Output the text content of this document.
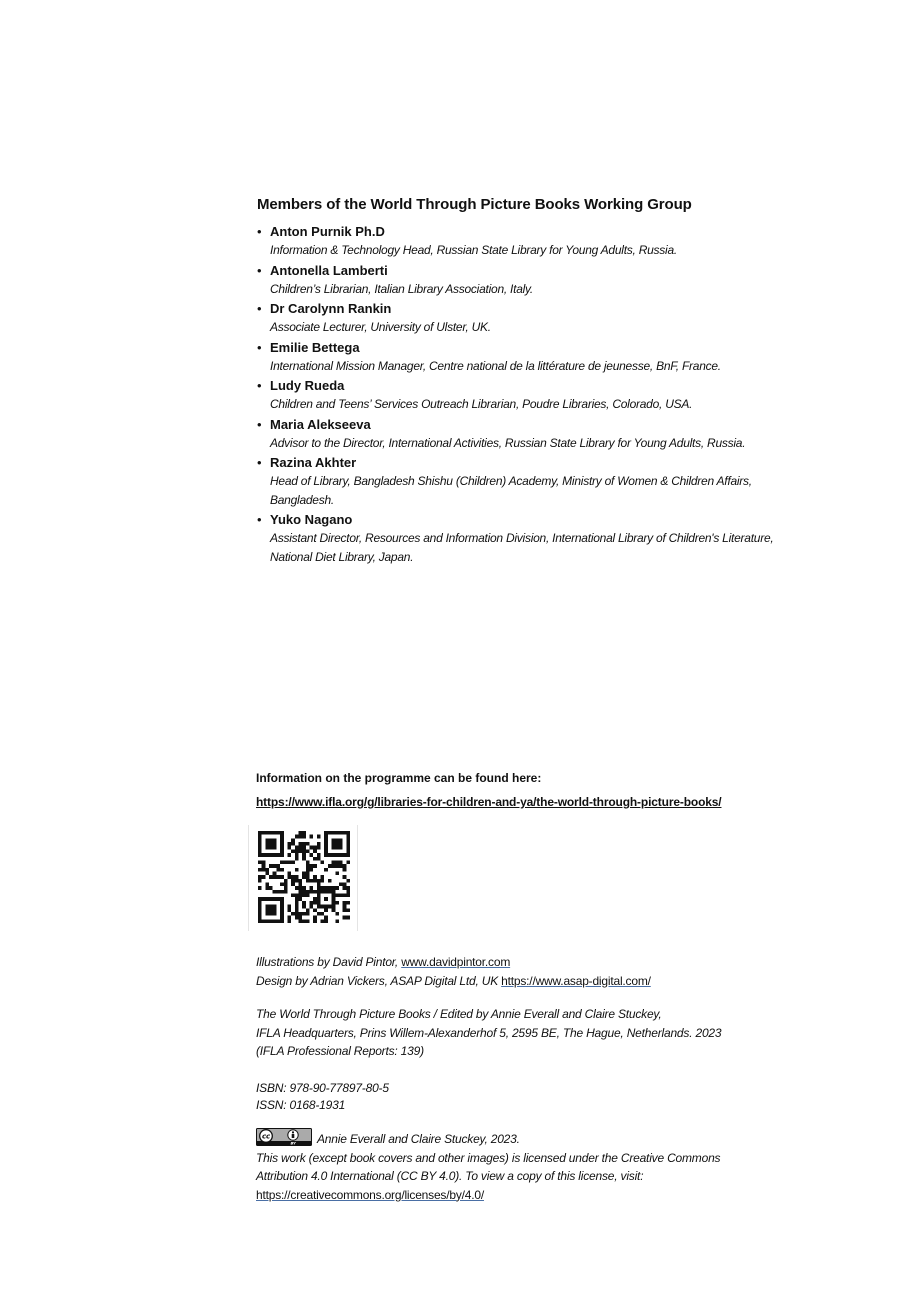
Members of the World Through Picture Books Working Group
• Anton Purnik Ph.D
Information & Technology Head, Russian State Library for Young Adults, Russia.
• Antonella Lamberti
Children’s Librarian, Italian Library Association, Italy.
• Dr Carolynn Rankin
Associate Lecturer, University of Ulster, UK.
• Emilie Bettega
International Mission Manager, Centre national de la littérature de jeunesse, BnF, France.
• Ludy Rueda
Children and Teens’ Services Outreach Librarian, Poudre Libraries, Colorado, USA.
• Maria Alekseeva
Advisor to the Director, International Activities, Russian State Library for Young Adults, Russia.
• Razina Akhter
Head of Library, Bangladesh Shishu (Children) Academy, Ministry of Women & Children Affairs, Bangladesh.
• Yuko Nagano
Assistant Director, Resources and Information Division, International Library of Children's Literature, National Diet Library, Japan.
Information on the programme can be found here:
https://www.ifla.org/g/libraries-for-children-and-ya/the-world-through-picture-books/
Illustrations by David Pintor, www.davidpintor.com
Design by Adrian Vickers, ASAP Digital Ltd, UK https://www.asap-digital.com/
The World Through Picture Books / Edited by Annie Everall and Claire Stuckey,
IFLA Headquarters, Prins Willem-Alexanderhof 5, 2595 BE, The Hague, Netherlands. 2023
(IFLA Professional Reports: 139)
ISBN: 978-90-77897-80-5
ISSN: 0168-1931
cc
BY Annie Everall and Claire Stuckey, 2023.
This work (except book covers and other images) is licensed under the Creative Commons
Attribution 4.0 International (CC BY 4.0). To view a copy of this license, visit:
https://creativecommons.org/licenses/by/4.0/
